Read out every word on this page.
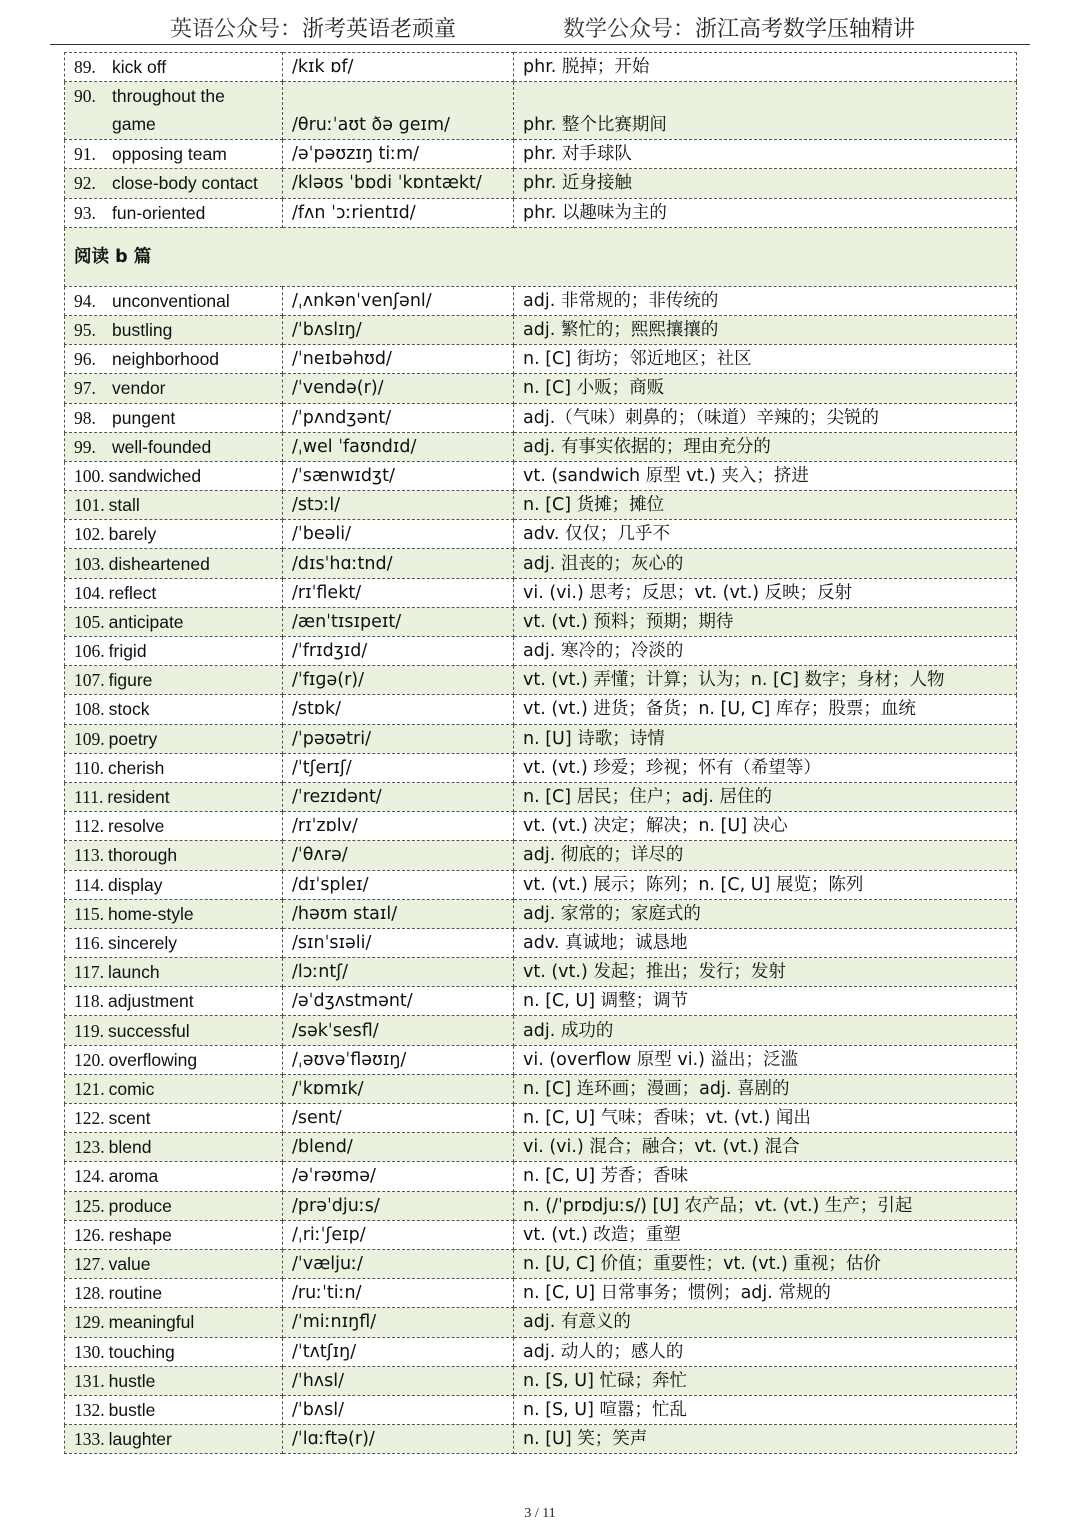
英语公众号：浙考英语老顽童	数学公众号：浙江高考数学压轴精讲
89. kick off	/kɪk ɒf/	phr. 脱掉；开始
90. throughout the
game	/θruːˈaʊt ðə ɡeɪm/	phr. 整个比赛期间
91. opposing team	/əˈpəʊzɪŋ tiːm/	phr. 对手球队
92. close-body contact	/kləʊs ˈbɒdi ˈkɒntækt/	phr. 近身接触
93. fun-oriented	/fʌn ˈɔːrientɪd/	phr. 以趣味为主的
阅读 b 篇		
94. unconventional	/ˌʌnkənˈvenʃənl/	adj. 非常规的；非传统的
95. bustling	/ˈbʌslɪŋ/	adj. 繁忙的；熙熙攘攘的
96. neighborhood	/ˈneɪbəhʊd/	n. [C] 街坊；邻近地区；社区
97. vendor	/ˈvendə(r)/	n. [C] 小贩；商贩
98. pungent	/ˈpʌndʒənt/	adj.（气味）刺鼻的；（味道）辛辣的；尖锐的
99. well-founded	/ˌwel ˈfaʊndɪd/	adj. 有事实依据的；理由充分的
100. sandwiched	/ˈsænwɪdʒt/	vt. (sandwich 原型 vt.) 夹入；挤进
101. stall	/stɔːl/	n. [C] 货摊；摊位
102. barely	/ˈbeəli/	adv. 仅仅；几乎不
103. disheartened	/dɪsˈhɑːtnd/	adj. 沮丧的；灰心的
104. reflect	/rɪˈflekt/	vi. (vi.) 思考；反思；vt. (vt.) 反映；反射
105. anticipate	/ænˈtɪsɪpeɪt/	vt. (vt.) 预料；预期；期待
106. frigid	/ˈfrɪdʒɪd/	adj. 寒冷的；冷淡的
107. figure	/ˈfɪɡə(r)/	vt. (vt.) 弄懂；计算；认为；n. [C] 数字；身材；人物
108. stock	/stɒk/	vt. (vt.) 进货；备货；n. [U, C] 库存；股票；血统
109. poetry	/ˈpəʊətri/	n. [U] 诗歌；诗情
110. cherish	/ˈtʃerɪʃ/	vt. (vt.) 珍爱；珍视；怀有（希望等）
111. resident	/ˈrezɪdənt/	n. [C] 居民；住户；adj. 居住的
112. resolve	/rɪˈzɒlv/	vt. (vt.) 决定；解决；n. [U] 决心
113. thorough	/ˈθʌrə/	adj. 彻底的；详尽的
114. display	/dɪˈspleɪ/	vt. (vt.) 展示；陈列；n. [C, U] 展览；陈列
115. home-style	/həʊm staɪl/	adj. 家常的；家庭式的
116. sincerely	/sɪnˈsɪəli/	adv. 真诚地；诚恳地
117. launch	/lɔːntʃ/	vt. (vt.) 发起；推出；发行；发射
118. adjustment	/əˈdʒʌstmənt/	n. [C, U] 调整；调节
119. successful	/səkˈsesfl/	adj. 成功的
120. overflowing	/ˌəʊvəˈfləʊɪŋ/	vi. (overflow 原型 vi.) 溢出；泛滥
121. comic	/ˈkɒmɪk/	n. [C] 连环画；漫画；adj. 喜剧的
122. scent	/sent/	n. [C, U] 气味；香味；vt. (vt.) 闻出
123. blend	/blend/	vi. (vi.) 混合；融合；vt. (vt.) 混合
124. aroma	/əˈrəʊmə/	n. [C, U] 芳香；香味
125. produce	/prəˈdjuːs/	n. (/ˈprɒdjuːs/) [U] 农产品；vt. (vt.) 生产；引起
126. reshape	/ˌriːˈʃeɪp/	vt. (vt.) 改造；重塑
127. value	/ˈvæljuː/	n. [U, C] 价值；重要性；vt. (vt.) 重视；估价
128. routine	/ruːˈtiːn/	n. [C, U] 日常事务；惯例；adj. 常规的
129. meaningful	/ˈmiːnɪŋfl/	adj. 有意义的
130. touching	/ˈtʌtʃɪŋ/	adj. 动人的；感人的
131. hustle	/ˈhʌsl/	n. [S, U] 忙碌；奔忙
132. bustle	/ˈbʌsl/	n. [S, U] 喧嚣；忙乱
133. laughter	/ˈlɑːftə(r)/	n. [U] 笑；笑声
3 / 11
